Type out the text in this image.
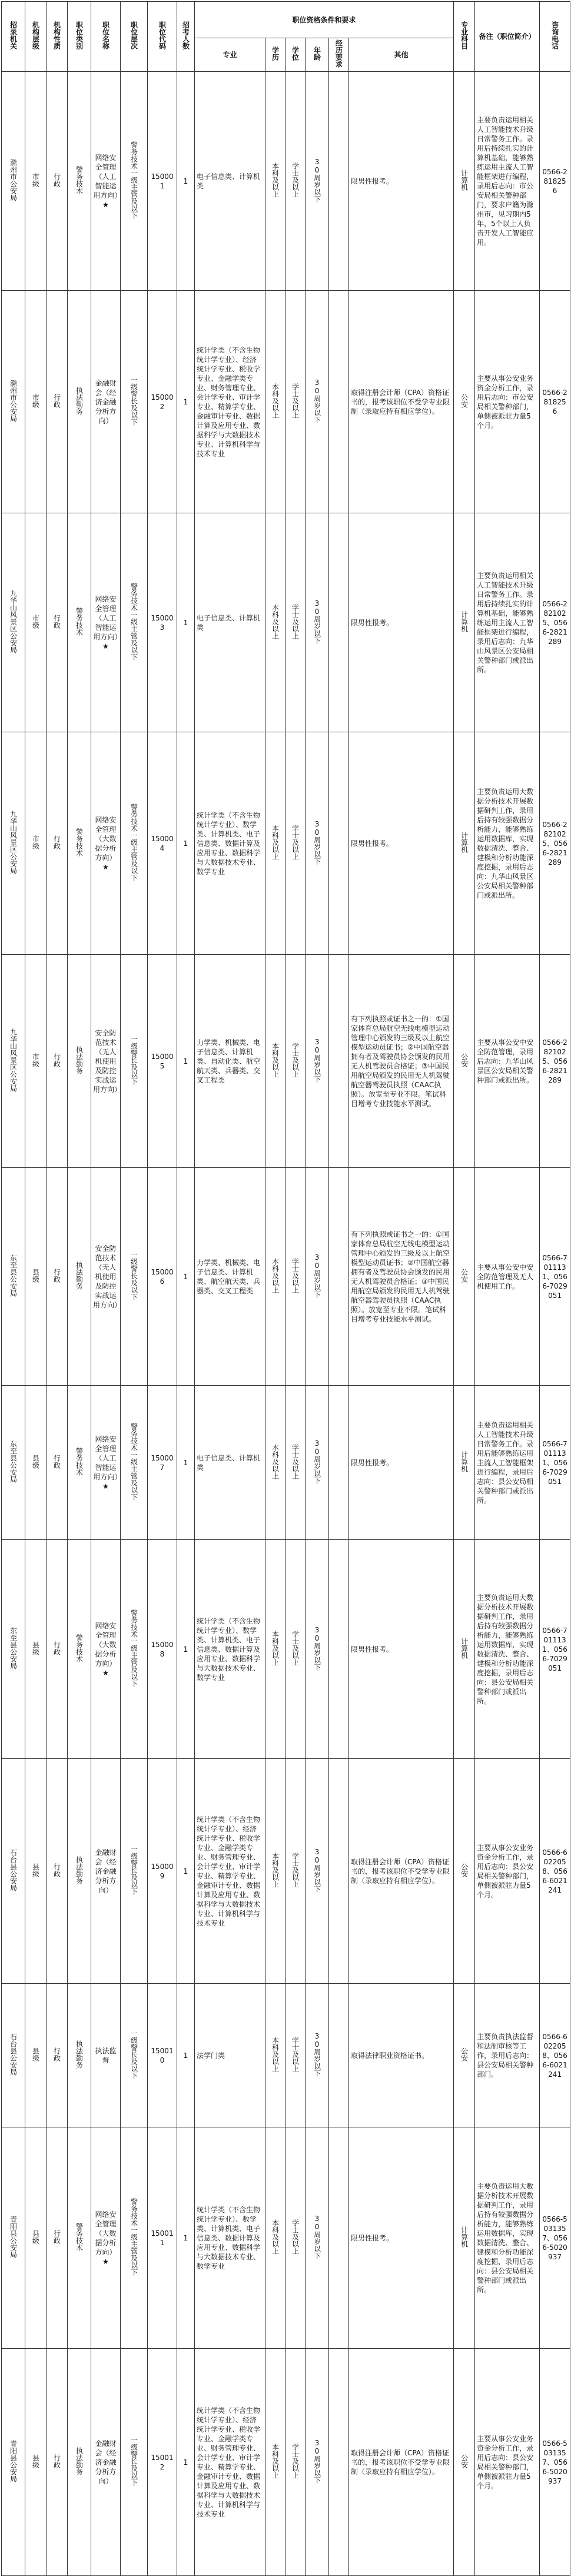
招录机关	机构层级	机构性质	职位类别	职位名称	职位层次	职位代码	招考人数	职位资格条件和要求						专业科目	备注（职位简介）	咨询电话
								专业	学历	学位	年龄	经历要求	其他			
滁州市公安局	市级	行政	警务技术	网络安全管理（人工智能运用方向）★	警务技术一级主管及以下	150001	1	电子信息类、计算机类	本科及以上	学士及以上	30周岁以下		限男性报考。	计算机	主要负责运用相关人工智能技术升级日常警务工作。录用后持续扎实的计算机基础，能够熟练运用主流人工智能框架进行编程，录用后志向：市公安局相关警种部门，要求户籍为滁州市，见习期内5年，5个以上人负责开发人工智能应用。	0566-2818256
滁州市公安局	市级	行政	执法勤务	金融财会（经济金融分析方向）	一级警长及以下	150002	1	统计学类（不含生物统计学专业）、经济统计学专业、税收学专业、金融学类专业、财务管理专业、会计学专业、审计学专业、精算学专业、金融审计专业、数据计算及应用专业、数据科学与大数据技术专业、计算机科学与技术专业	本科及以上	学士及以上	30周岁以下		取得注册会计师（CPA）资格证书的，报考该职位不受学专业限制（录取应持有相应学位）。	公安	主要从事公安业务资金分析工作，录用后志向：市公安局相关警种部门，单侧被派驻力量5个月。	0566-2818256
九华山风景区公安局	市级	行政	警务技术	网络安全管理（人工智能运用方向）★	警务技术一级主管及以下	150003	1	电子信息类、计算机类	本科及以上	学士及以上	30周岁以下		限男性报考。	计算机	主要负责运用相关人工智能技术升级日常警务工作。录用后持续扎实的计算机基础，能够熟练运用主流人工智能框架进行编程，录用后志向：九华山风景区公安局相关警种部门或派出所。	0566-2821025、0566-2821289
九华山风景区公安局	市级	行政	警务技术	网络安全管理（大数据分析方向）★	警务技术一级主管及以下	150004	1	统计学类（不含生物统计学专业）、数学类、计算机类、电子信息类、数据计算及应用专业、数据科学与大数据技术专业、数学专业	本科及以上	学士及以上	30周岁以下		限男性报考。	计算机	主要负责运用大数据分析技术开展数据研判工作，录用后持有较强数据分析能力，能够熟练运用数据库，实现数据清洗、整合、建模和分析功能深度挖掘，录用后志向：九华山风景区公安局相关警种部门或派出所。	0566-2821025、0566-2821289
九华山风景区公安局	市级	行政	执法勤务	安全防范技术（无人机使用及防控实战运用方向）	一级警长及以下	150005	1	力学类、机械类、电子信息类、计算机类、自动化类、航空航天类、兵器类、交叉工程类	本科及以上	学士及以上	30周岁以下		有下列执照或证书之一的：①国家体育总局航空无线电模型运动管理中心颁发的三级及以上航空模型运动员证书；②中国航空器拥有者及驾驶员协会颁发的民用无人机驾驶员合格证；③中国民用航空局颁发的民用无人机驾驶航空器驾驶员执照（CAAC执照）。放宽至专业不限。笔试科目增考专业技能水平测试。	公安	主要从事公安中安全防范管理，录用后志向：九华山风景区公安局相关警种部门或派出所。	0566-2821025、0566-2821289
东至县公安局	县级	行政	执法勤务	安全防范技术（无人机使用及防控实战运用方向）	一级警长及以下	150006	1	力学类、机械类、电子信息类、计算机类、航空航天类、兵器类、交叉工程类	本科及以上	学士及以上	30周岁以下		有下列执照或证书之一的：①国家体育总局航空无线电模型运动管理中心颁发的三级及以上航空模型运动员证书；②中国航空器拥有者及驾驶员协会颁发的民用无人机驾驶员合格证；③中国民用航空局颁发的民用无人机驾驶航空器驾驶员执照（CAAC执照）。放宽至专业不限。笔试科目增考专业技能水平测试。	公安	主要从事公安中安全防范管理及无人机使用工作。	0566-7011131、0566-7029051
东至县公安局	县级	行政	警务技术	网络安全管理（人工智能运用方向）★	警务技术一级主管及以下	150007	1	电子信息类、计算机类	本科及以上	学士及以上	30周岁以下		限男性报考。	计算机	主要负责运用相关人工智能技术升级日常警务工作。录用后能够熟练运用主流人工智能框架进行编程，录用后志向：县公安局相关警种部门或派出所。	0566-7011131、0566-7029051
东至县公安局	县级	行政	警务技术	网络安全管理（大数据分析方向）★	警务技术一级主管及以下	150008	1	统计学类（不含生物统计学专业）、数学类、计算机类、电子信息类、数据计算及应用专业、数据科学与大数据技术专业、数学专业	本科及以上	学士及以上	30周岁以下		限男性报考。	计算机	主要负责运用大数据分析技术开展数据研判工作，录用后持有较强数据分析能力，能够熟练运用数据库，实现数据清洗、整合、建模和分析功能深度挖掘，录用后志向：县公安局相关警种部门或派出所。	0566-7011131、0566-7029051
石台县公安局	县级	行政	执法勤务	金融财会（经济金融分析方向）	一级警长及以下	150009	1	统计学类（不含生物统计学专业）、经济统计学专业、税收学专业、金融学类专业、财务管理专业、会计学专业、审计学专业、精算学专业、金融审计专业、数据计算及应用专业、数据科学与大数据技术专业、计算机科学与技术专业	本科及以上	学士及以上	30周岁以下		取得注册会计师（CPA）资格证书的，报考该职位不受学专业限制（录取应持有相应学位）。	公安	主要从事公安业务资金分析工作，录用后志向：县公安局相关警种部门，单侧被派驻力量5个月。	0566-6022058、0566-6021241
石台县公安局	县级	行政	执法勤务	执法监督	一级警长及以下	150010	1	法学门类	本科及以上	学士及以上	30周岁以下		取得法律职业资格证书。	公安	主要负责执法监督和法制审核等工作，录用后志向：县公安局相关警种部门。	0566-6022058、0566-6021241
青阳县公安局	县级	行政	警务技术	网络安全管理（大数据分析方向）★	警务技术一级主管及以下	150011	1	统计学类（不含生物统计学专业）、数学类、计算机类、电子信息类、数据计算及应用专业、数据科学与大数据技术专业、数学专业	本科及以上	学士及以上	30周岁以下		限男性报考。	计算机	主要负责运用大数据分析技术开展数据研判工作，录用后持有较强数据分析能力，能够熟练运用数据库，实现数据清洗、整合、建模和分析功能深度挖掘，录用后志向：县公安局相关警种部门或派出所。	0566-5031357、0566-5020937
青阳县公安局	县级	行政	执法勤务	金融财会（经济金融分析方向）	一级警长及以下	150012	1	统计学类（不含生物统计学专业）、经济统计学专业、税收学专业、金融学类专业、财务管理专业、会计学专业、审计学专业、精算学专业、金融审计专业、数据计算及应用专业、数据科学与大数据技术专业、计算机科学与技术专业	本科及以上	学士及以上	30周岁以下		取得注册会计师（CPA）资格证书的，报考该职位不受学专业限制（录取应持有相应学位）。	公安	主要从事公安业务资金分析工作，录用后志向：县公安局相关警种部门，单侧被派驻力量5个月。	0566-5031357、0566-5020937
